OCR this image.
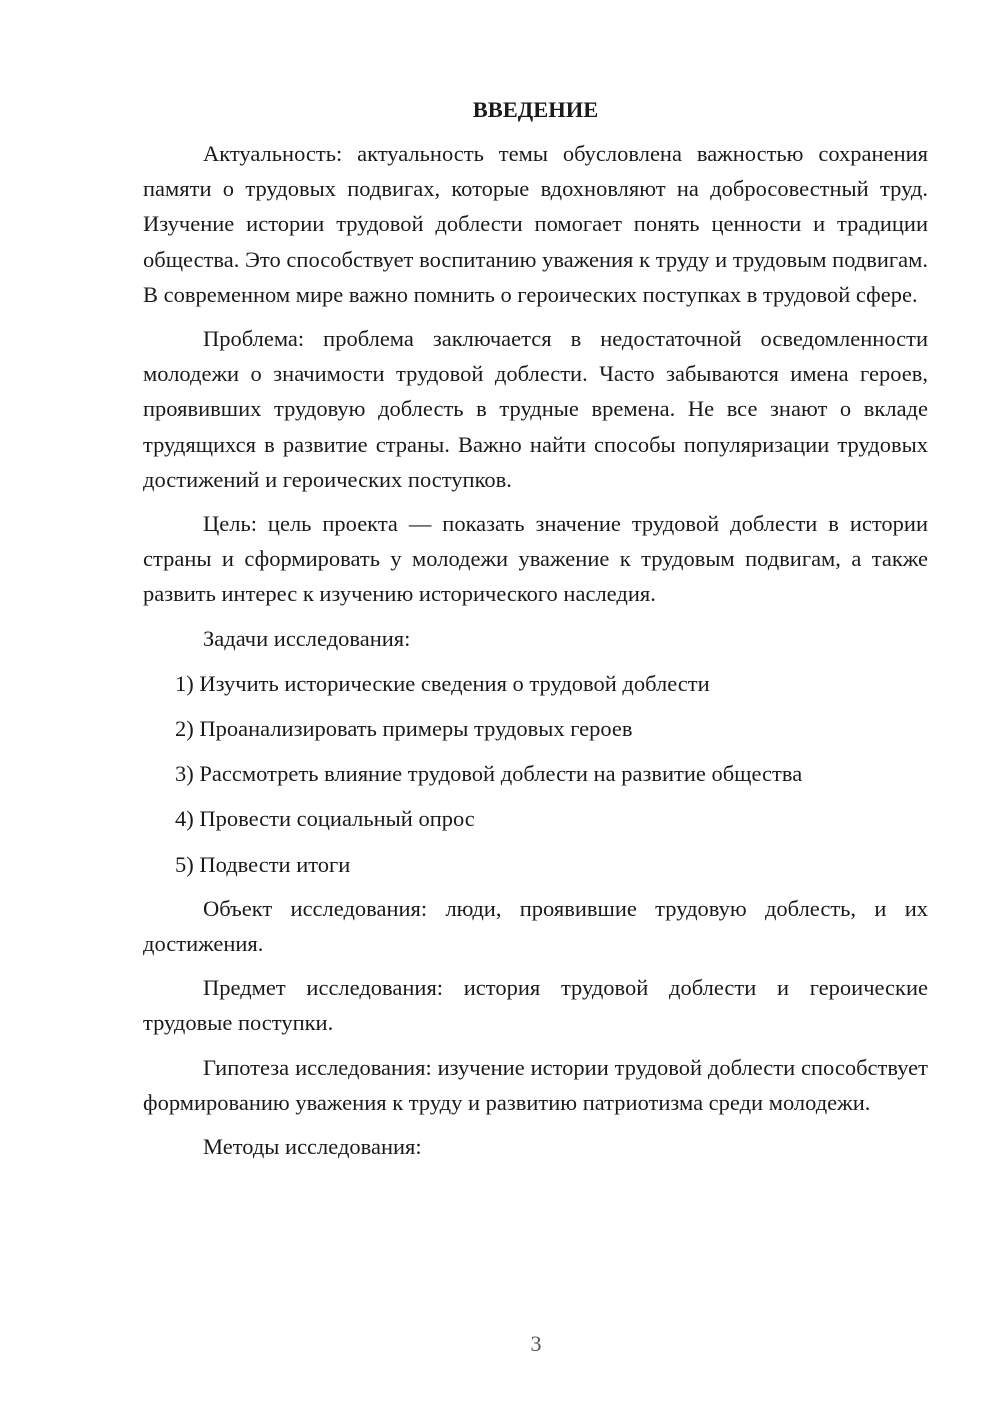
ВВЕДЕНИЕ

Актуальность: актуальность темы обусловлена важностью сохранения памяти о трудовых подвигах, которые вдохновляют на добросовестный труд. Изучение истории трудовой доблести помогает понять ценности и традиции общества. Это способствует воспитанию уважения к труду и трудовым подвигам. В современном мире важно помнить о героических поступках в трудовой сфере.

Проблема: проблема заключается в недостаточной осведомленности молодежи о значимости трудовой доблести. Часто забываются имена героев, проявивших трудовую доблесть в трудные времена. Не все знают о вкладе трудящихся в развитие страны. Важно найти способы популяризации трудовых достижений и героических поступков.

Цель: цель проекта — показать значение трудовой доблести в истории страны и сформировать у молодежи уважение к трудовым подвигам, а также развить интерес к изучению исторического наследия.

Задачи исследования:

1) Изучить исторические сведения о трудовой доблести
2) Проанализировать примеры трудовых героев
3) Рассмотреть влияние трудовой доблести на развитие общества
4) Провести социальный опрос
5) Подвести итоги

Объект исследования: люди, проявившие трудовую доблесть, и их достижения.

Предмет исследования: история трудовой доблести и героические трудовые поступки.

Гипотеза исследования: изучение истории трудовой доблести способствует формированию уважения к труду и развитию патриотизма среди молодежи.

Методы исследования:

3
